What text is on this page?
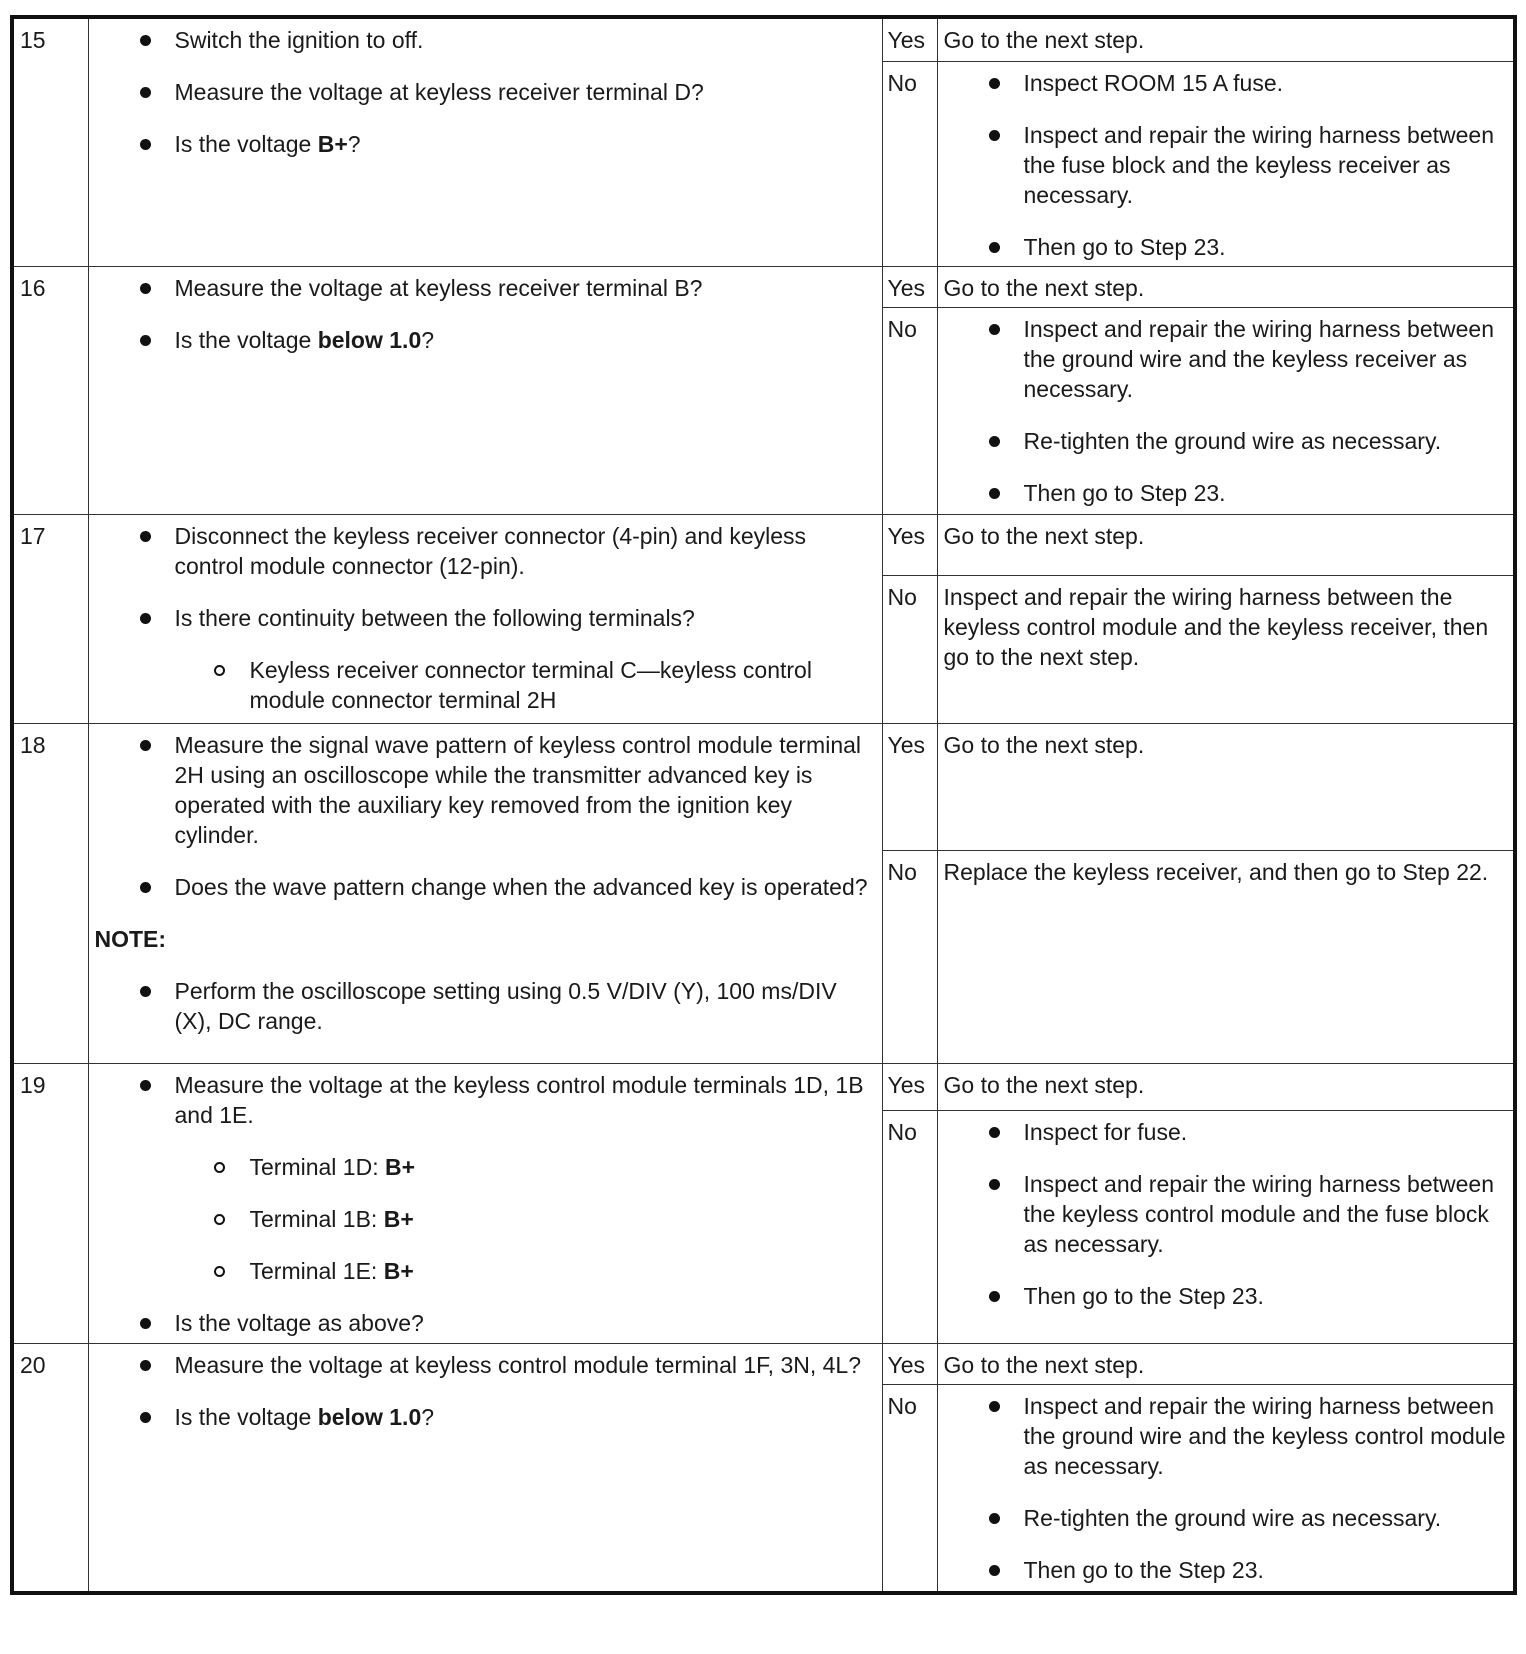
15	Switch the ignition to off.
Measure the voltage at keyless receiver terminal D?
Is the voltage B+?	Yes	Go to the next step.

		No	Inspect ROOM 15 A fuse.
Inspect and repair the wiring harness between the fuse block and the keyless receiver as necessary.
Then go to Step 23.

16	Measure the voltage at keyless receiver terminal B?
Is the voltage below 1.0?	Yes	Go to the next step.

		No	Inspect and repair the wiring harness between the ground wire and the keyless receiver as necessary.
Re-tighten the ground wire as necessary.
Then go to Step 23.

17	Disconnect the keyless receiver connector (4-pin) and keyless control module connector (12-pin).
Is there continuity between the following terminals?
Keyless receiver connector terminal C—keyless control module connector terminal 2H	Yes	Go to the next step.

		No	Inspect and repair the wiring harness between the keyless control module and the keyless receiver, then go to the next step.

18	Measure the signal wave pattern of keyless control module terminal 2H using an oscilloscope while the transmitter advanced key is operated with the auxiliary key removed from the ignition key cylinder.
Does the wave pattern change when the advanced key is operated?
NOTE:
Perform the oscilloscope setting using 0.5 V/DIV (Y), 100 ms/DIV (X), DC range.	Yes	Go to the next step.

		No	Replace the keyless receiver, and then go to Step 22.

19	Measure the voltage at the keyless control module terminals 1D, 1B and 1E.
Terminal 1D: B+
Terminal 1B: B+
Terminal 1E: B+
Is the voltage as above?	Yes	Go to the next step.

		No	Inspect for fuse.
Inspect and repair the wiring harness between the keyless control module and the fuse block as necessary.
Then go to the Step 23.

20	Measure the voltage at keyless control module terminal 1F, 3N, 4L?
Is the voltage below 1.0?	Yes	Go to the next step.

		No	Inspect and repair the wiring harness between the ground wire and the keyless control module as necessary.
Re-tighten the ground wire as necessary.
Then go to the Step 23.
